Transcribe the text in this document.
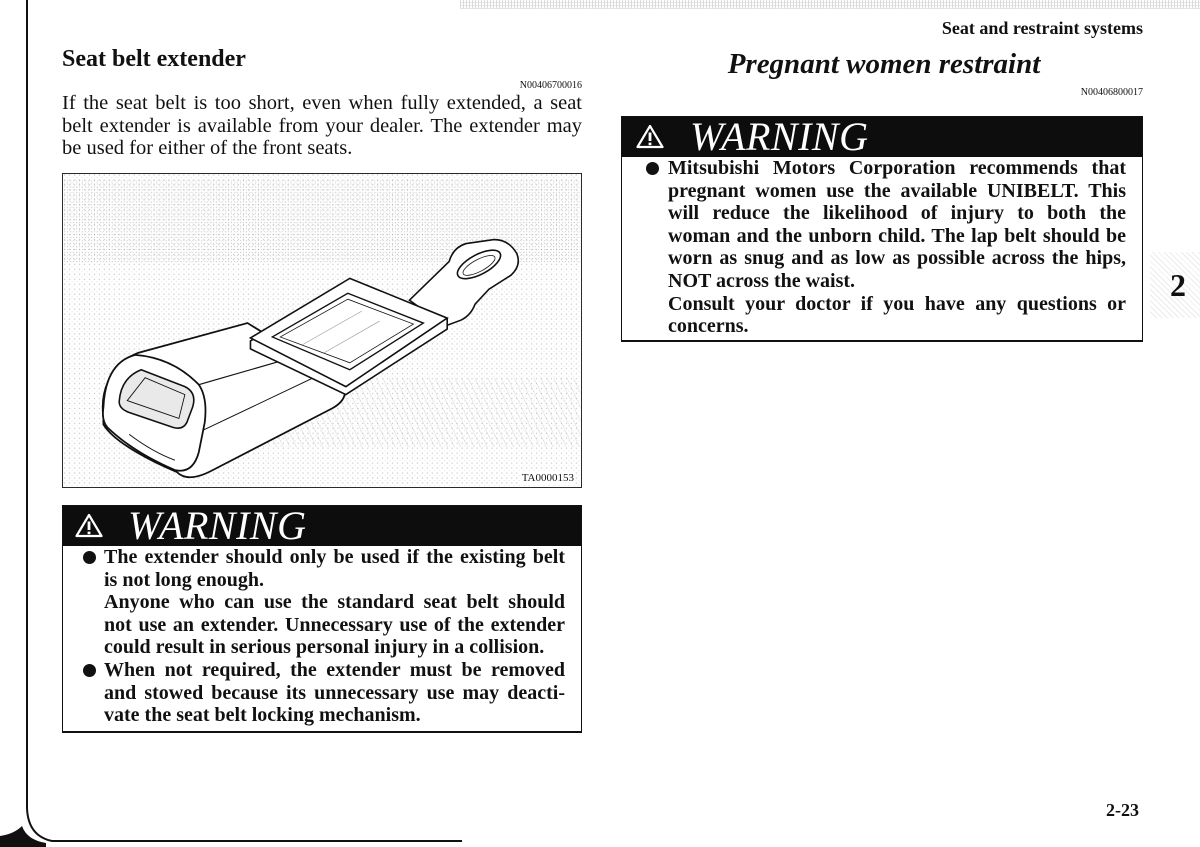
Seat and restraint systems
Seat belt extender
N00406700016
If the seat belt is too short, even when fully extended, a seat
belt extender is available from your dealer. The extender may
be used for either of the front seats.
TA0000153
WARNING
The extender should only be used if the existing belt
is not long enough.
Anyone who can use the standard seat belt should
not use an extender. Unnecessary use of the extender
could result in serious personal injury in a collision.
When not required, the extender must be removed
and stowed because its unnecessary use may deacti-
vate the seat belt locking mechanism.
Pregnant women restraint
N00406800017
WARNING
Mitsubishi Motors Corporation recommends that
pregnant women use the available UNIBELT. This
will reduce the likelihood of injury to both the
woman and the unborn child. The lap belt should be
worn as snug and as low as possible across the hips,
NOT across the waist.
Consult your doctor if you have any questions or
concerns.
2
2-23
